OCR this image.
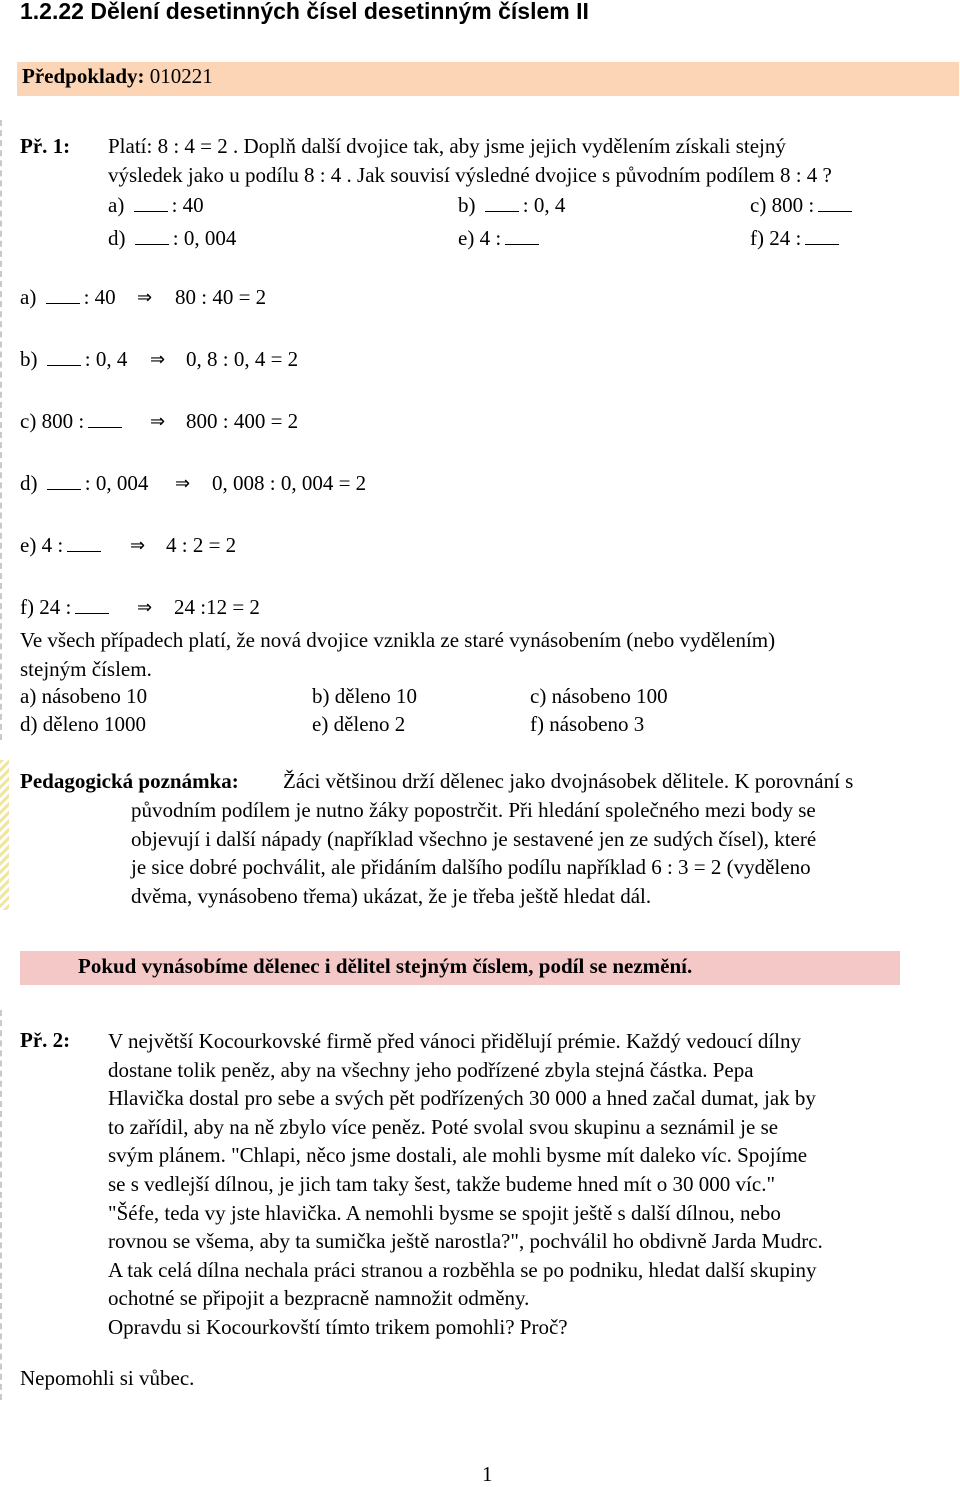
1.2.22 Dělení desetinných čísel desetinným číslem II
Předpoklady: 010221
Př. 1: Platí: 8 : 4 = 2 . Doplň další dvojice tak, aby jsme jejich vydělením získali stejný
výsledek jako u podílu 8 : 4 . Jak souvisí výsledné dvojice s původním podílem 8 : 4 ?
a) : 40	b) : 0, 4	c) 800 :
d) : 0, 004	e) 4 :	f) 24 :
a) : 40 ⇒ 80 : 40 = 2
b) : 0, 4 ⇒ 0, 8 : 0, 4 = 2
c) 800 :	⇒ 800 : 400 = 2
d) : 0, 004 ⇒ 0, 008 : 0, 004 = 2
e) 4 :	⇒ 4 : 2 = 2
f) 24 :	⇒ 24 :12 = 2
Ve všech případech platí, že nová dvojice vznikla ze staré vynásobením (nebo vydělením)
stejným číslem.
a) násobeno 10	b) děleno 10	c) násobeno 100
d) děleno 1000	e) děleno 2	f) násobeno 3
Pedagogická poznámka: Žáci většinou drží dělenec jako dvojnásobek dělitele. K porovnání s
původním podílem je nutno žáky popostrčit. Při hledání společného mezi body se
objevují i další nápady (například všechno je sestavené jen ze sudých čísel), které
je sice dobré pochválit, ale přidáním dalšího podílu například 6 : 3 = 2 (vyděleno
dvěma, vynásobeno třema) ukázat, že je třeba ještě hledat dál.
Pokud vynásobíme dělenec i dělitel stejným číslem, podíl se nezmění.
Př. 2: V největší Kocourkovské firmě před vánoci přidělují prémie. Každý vedoucí dílny
dostane tolik peněz, aby na všechny jeho podřízené zbyla stejná částka. Pepa
Hlavička dostal pro sebe a svých pět podřízených 30 000 a hned začal dumat, jak by
to zařídil, aby na ně zbylo více peněz. Poté svolal svou skupinu a seznámil je se
svým plánem. "Chlapi, něco jsme dostali, ale mohli bysme mít daleko víc. Spojíme
se s vedlejší dílnou, je jich tam taky šest, takže budeme hned mít o 30 000 víc."
"Šéfe, teda vy jste hlavička. A nemohli bysme se spojit ještě s další dílnou, nebo
rovnou se všema, aby ta sumička ještě narostla?", pochválil ho obdivně Jarda Mudrc.
A tak celá dílna nechala práci stranou a rozběhla se po podniku, hledat další skupiny
ochotné se připojit a bezpracně namnožit odměny.
Opravdu si Kocourkovští tímto trikem pomohli? Proč?
Nepomohli si vůbec.
1
